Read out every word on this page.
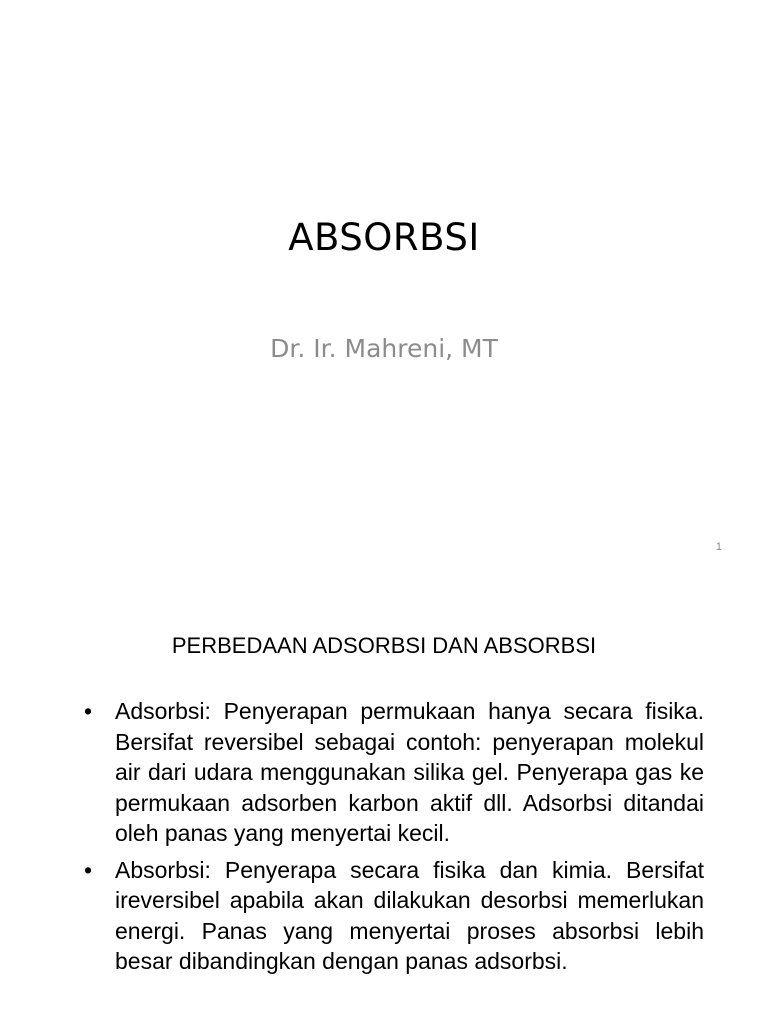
ABSORBSI
Dr. Ir. Mahreni, MT
1
PERBEDAAN ADSORBSI DAN ABSORBSI
• Adsorbsi: Penyerapan permukaan hanya secara fisika. Bersifat reversibel sebagai contoh: penyerapan molekul air dari udara menggunakan silika gel. Penyerapa gas ke permukaan adsorben karbon aktif dll. Adsorbsi ditandai oleh panas yang menyertai kecil.
• Absorbsi: Penyerapa secara fisika dan kimia. Bersifat ireversibel apabila akan dilakukan desorbsi memerlukan energi. Panas yang menyertai proses absorbsi lebih besar dibandingkan dengan panas adsorbsi.
